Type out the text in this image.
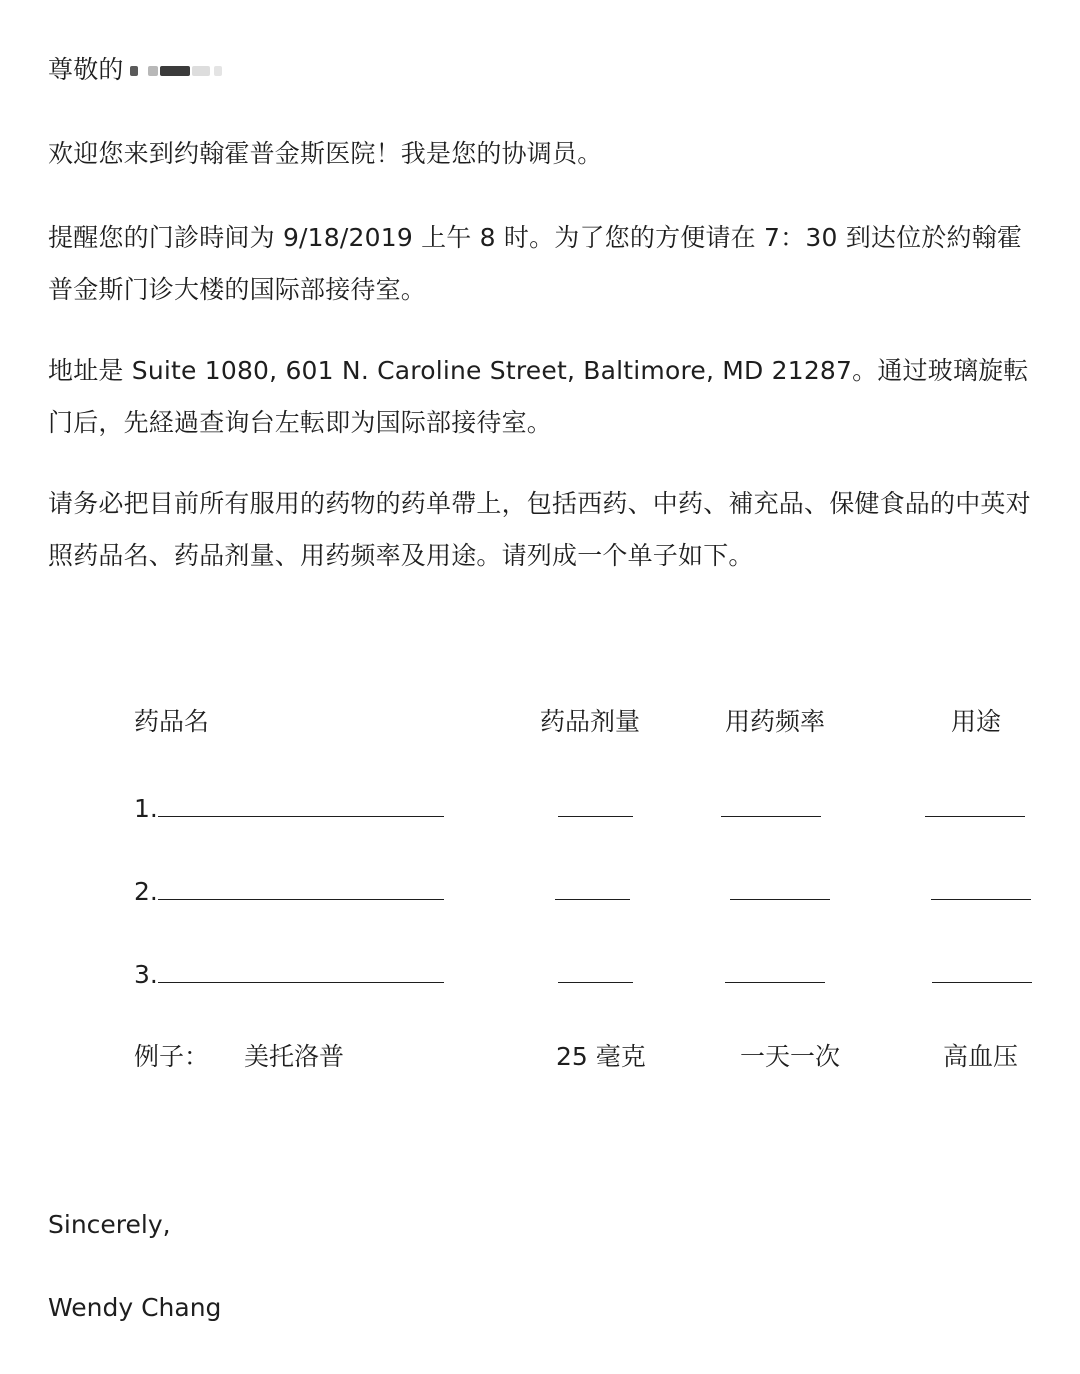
尊敬的

欢迎您来到约翰霍普金斯医院！我是您的协调员。

提醒您的门診時间为 9/18/2019 上午 8 时。为了您的方便请在 7：30 到达位於約翰霍普金斯门诊大楼的国际部接待室。

地址是 Suite 1080, 601 N. Caroline Street, Baltimore, MD 21287。通过玻璃旋転门后，先経過查询台左転即为国际部接待室。

请务必把目前所有服用的药物的药单帶上，包括西药、中药、補充品、保健食品的中英对照药品名、药品剂量、用药频率及用途。请列成一个单子如下。

药品名	药品剂量	用药频率	用途
1.
2.
3.
例子： 美托洛普	25 毫克	一天一次	高血压
Sincerely,
Wendy Chang
